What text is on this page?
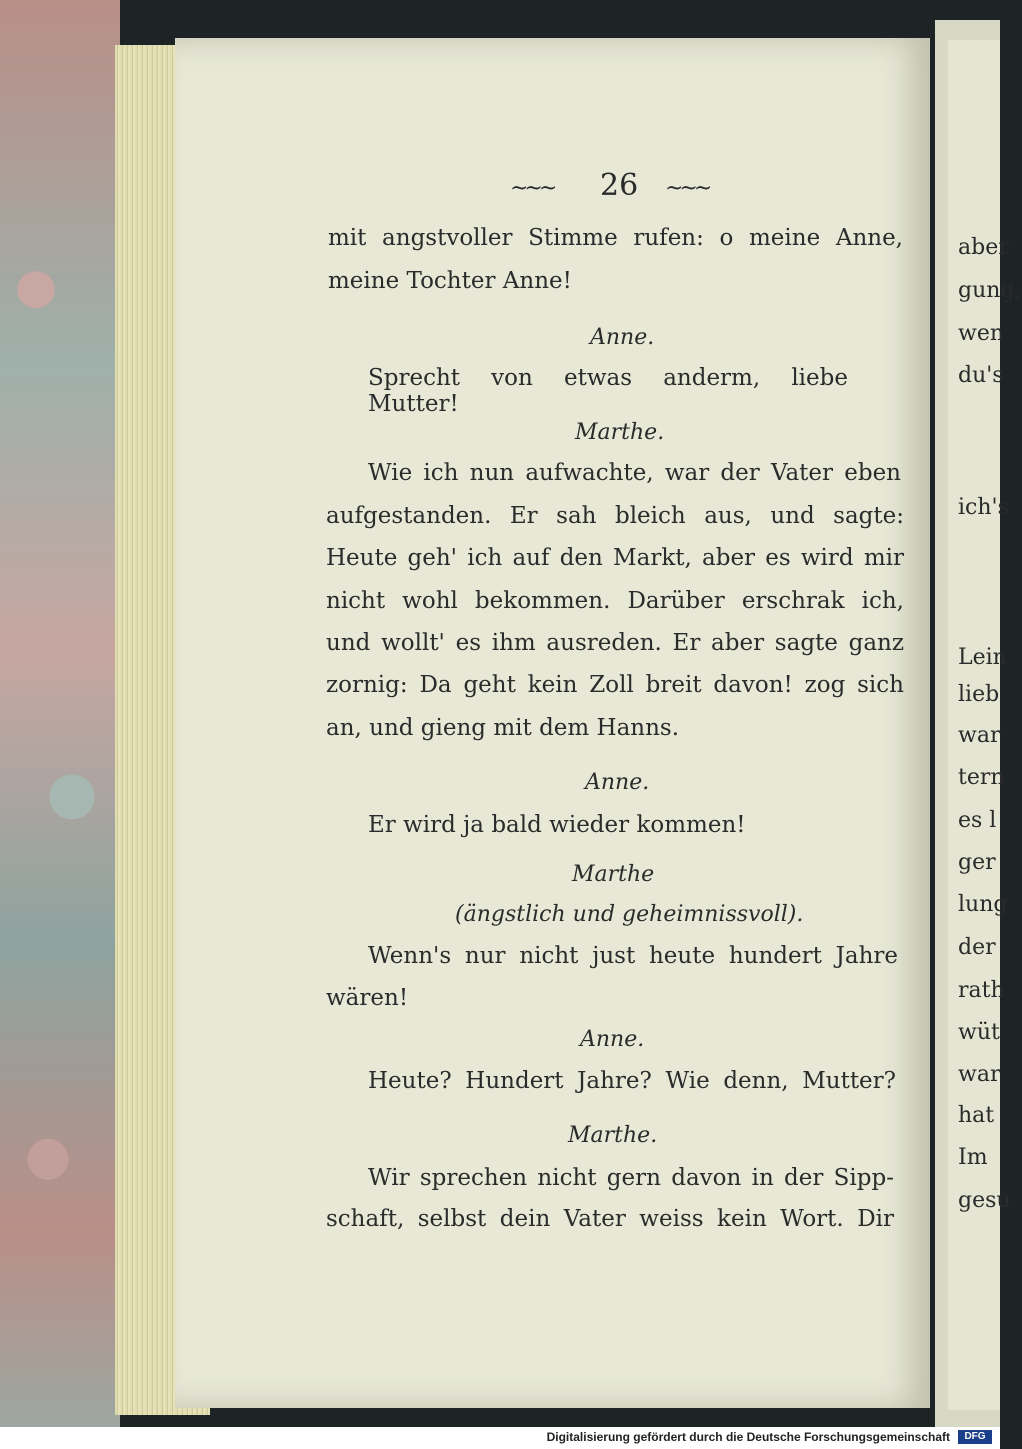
aber
gung,
wen
du's
ich's
Lein
lieb
war
tern
es l
ger
lung
der
rath
wüt
war
hat
Im
gesu
~~~ 26 ~~~
mit angstvoller Stimme rufen: o meine Anne,
meine Tochter Anne!
Anne.
Sprecht von etwas anderm, liebe Mutter!
Marthe.
Wie ich nun aufwachte, war der Vater eben
aufgestanden. Er sah bleich aus, und sagte:
Heute geh' ich auf den Markt, aber es wird mir
nicht wohl bekommen. Darüber erschrak ich,
und wollt' es ihm ausreden. Er aber sagte ganz
zornig: Da geht kein Zoll breit davon! zog sich
an, und gieng mit dem Hanns.
Anne.
Er wird ja bald wieder kommen!
Marthe
(ängstlich und geheimnissvoll).
Wenn's nur nicht just heute hundert Jahre
wären!
Anne.
Heute? Hundert Jahre? Wie denn, Mutter?
Marthe.
Wir sprechen nicht gern davon in der Sipp-
schaft, selbst dein Vater weiss kein Wort. Dir
Digitalisierung gefördert durch die Deutsche Forschungsgemeinschaft	DFG
